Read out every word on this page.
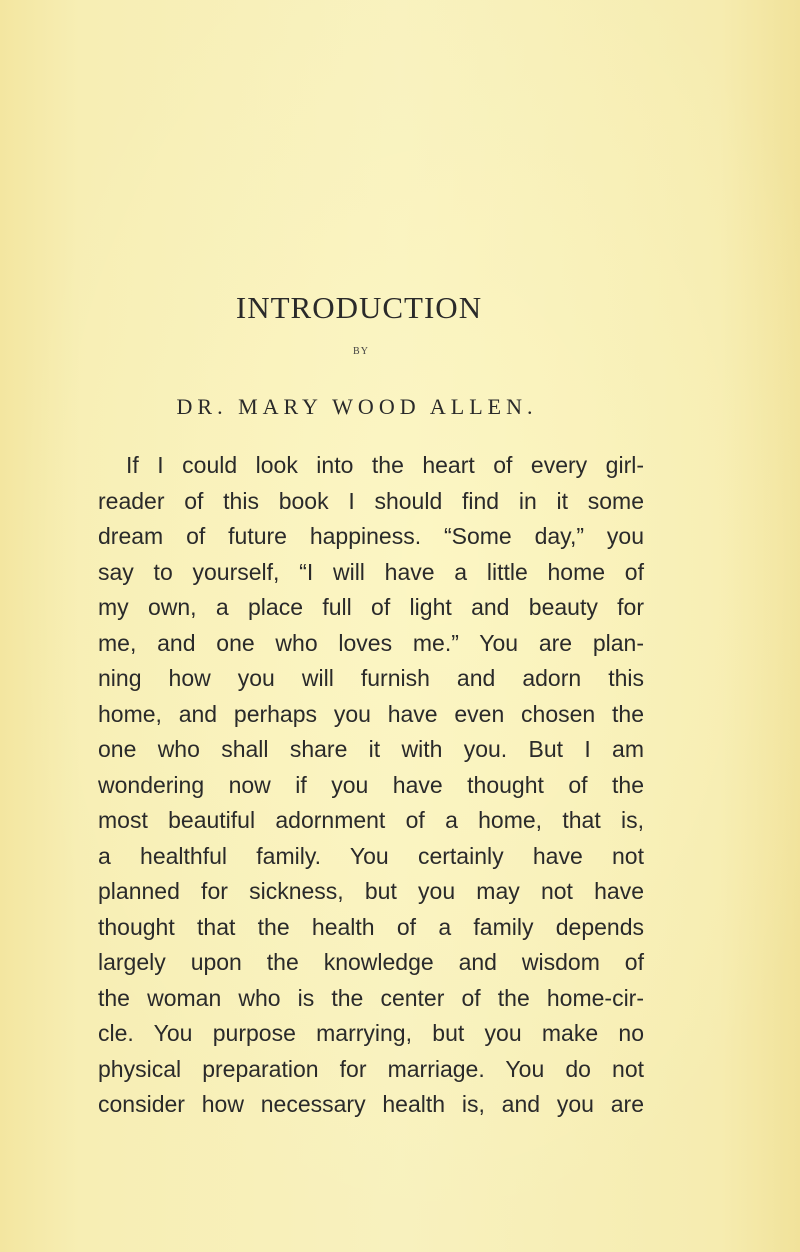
INTRODUCTION
BY
DR. MARY WOOD ALLEN.
If I could look into the heart of every girl-
reader of this book I should find in it some
dream of future happiness. “Some day,” you
say to yourself, “I will have a little home of
my own, a place full of light and beauty for
me, and one who loves me.” You are plan-
ning how you will furnish and adorn this
home, and perhaps you have even chosen the
one who shall share it with you. But I am
wondering now if you have thought of the
most beautiful adornment of a home, that is,
a healthful family. You certainly have not
planned for sickness, but you may not have
thought that the health of a family depends
largely upon the knowledge and wisdom of
the woman who is the center of the home-cir-
cle. You purpose marrying, but you make no
physical preparation for marriage. You do not
consider how necessary health is, and you are
